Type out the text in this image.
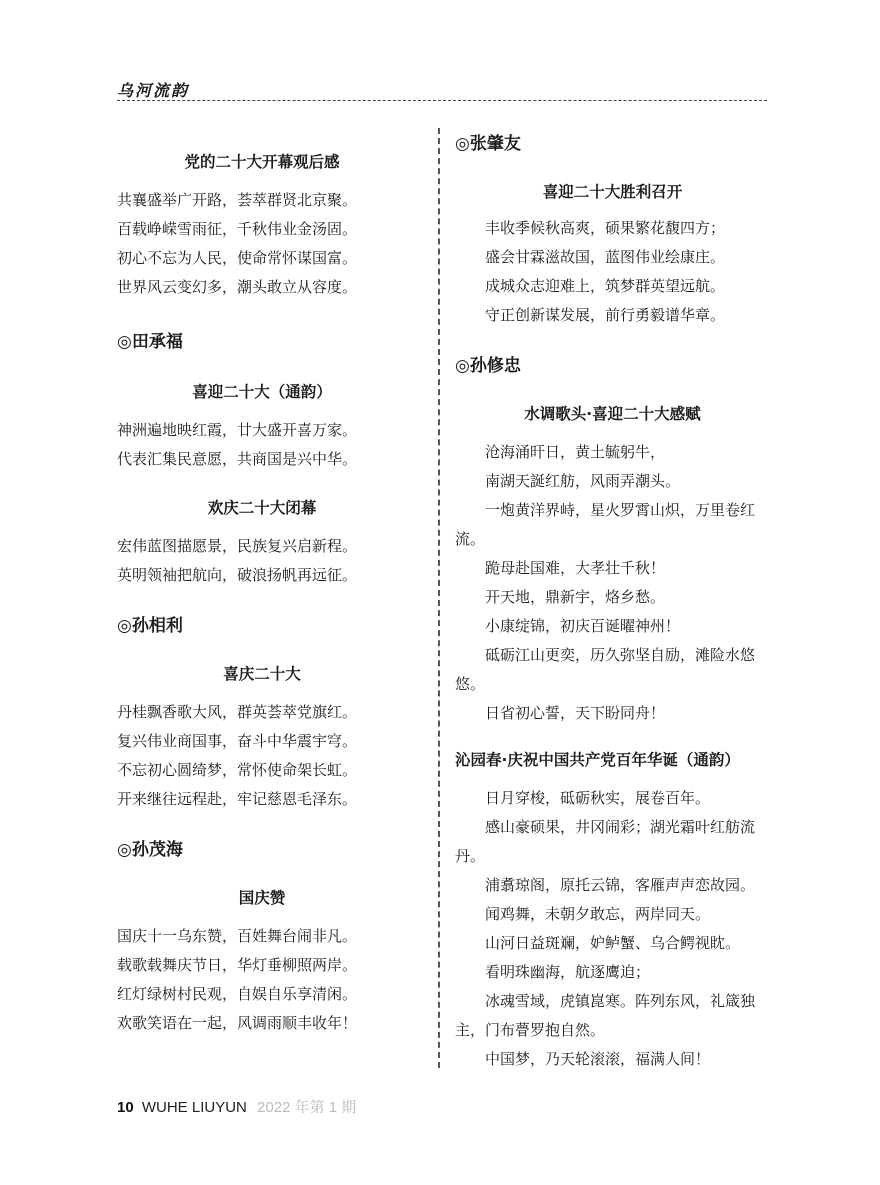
乌河流韵
党的二十大开幕观后感
共襄盛举广开路，荟萃群贤北京聚。
百载峥嵘雪雨征，千秋伟业金汤固。
初心不忘为人民，使命常怀谋国富。
世界风云变幻多，潮头敢立从容度。
◎田承福
喜迎二十大（通韵）
神洲遍地映红霞，廿大盛开喜万家。
代表汇集民意愿，共商国是兴中华。
欢庆二十大闭幕
宏伟蓝图描愿景，民族复兴启新程。
英明领袖把航向，破浪扬帆再远征。
◎孙相利
喜庆二十大
丹桂飘香歌大风，群英荟萃党旗红。
复兴伟业商国事，奋斗中华震宇穹。
不忘初心圆绮梦，常怀使命架长虹。
开来继往远程赴，牢记慈恩毛泽东。
◎孙茂海
国庆赞
国庆十一乌东赞，百姓舞台闹非凡。
载歌载舞庆节日，华灯垂柳照两岸。
红灯绿树村民观，自娱自乐享清闲。
欢歌笑语在一起，风调雨顺丰收年！
◎张肇友
喜迎二十大胜利召开
丰收季候秋高爽，硕果繁花馥四方；
盛会甘霖滋故国，蓝图伟业绘康庄。
成城众志迎难上，筑梦群英望远航。
守正创新谋发展，前行勇毅谱华章。
◎孙修忠
水调歌头·喜迎二十大感赋
沧海涌旰日，黄土毓躬牛，
南湖天誕红舫，风雨弄潮头。
一炮黄洋界峙，星火罗霄山炽，万里卷红流。
跪母赴国难，大孝壮千秋！
开天地，鼎新宇，烙乡愁。
小康绽锦，初庆百诞曜神州！
砥砺江山更奕，历久弥坚自励，滩险水悠悠。
日省初心誓，天下盼同舟！
沁园春·庆祝中国共产党百年华诞（通韵）
日月穿梭，砥砺秋实，展卷百年。
感山豪硕果，井冈闹彩；湖光霜叶红舫流丹。
浦翥琼阁，原托云锦，客雁声声恋故园。
闻鸡舞，未朝夕敢忘，两岸同天。
山河日益斑斓，妒鲈蟹、乌合鳄视眈。
看明珠幽海，航逐鹰迫；
冰魂雪域，虎镇崑寒。阵列东风，礼箴独主，门布瞢罗抱自然。
中国梦，乃天轮滚滚，福满人间！
10 WUHE LIUYUN 2022 年第 1 期
